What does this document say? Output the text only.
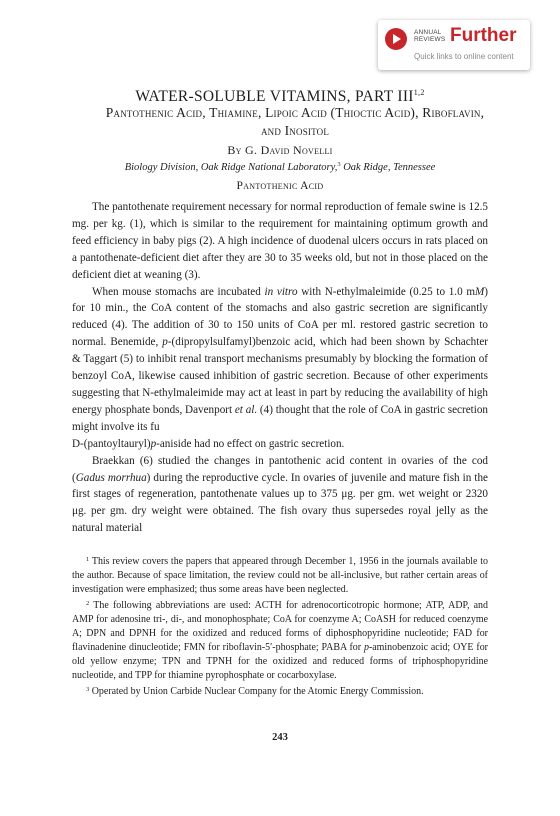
ANNUAL
REVIEWS Further
Quick links to online content
WATER-SOLUBLE VITAMINS, PART III$^{1,2}$
Pantothenic Acid, Thiamine, Lipoic Acid (Thioctic Acid), Riboflavin, and Inositol
By G. David Novelli
Biology Division, Oak Ridge National Laboratory,$^3$ Oak Ridge, Tennessee
Pantothenic Acid

The pantothenate requirement necessary for normal reproduction of female swine is 12.5 mg. per kg. (1), which is similar to the requirement for maintaining optimum growth and feed efficiency in baby pigs (2). A high incidence of duodenal ulcers occurs in rats placed on a pantothenate-deficient diet after they are 30 to 35 weeks old, but not in those placed on the deficient diet at weaning (3).

When mouse stomachs are incubated in vitro with N-ethylmaleimide (0.25 to 1.0 mM) for 10 min., the CoA content of the stomachs and also gastric secretion are significantly reduced (4). The addition of 30 to 150 units of CoA per ml. restored gastric secretion to normal. Benemide, p-(dipropylsulfamyl)benzoic acid, which had been shown by Schachter & Taggart (5) to inhibit renal transport mechanisms presumably by blocking the formation of benzoyl CoA, likewise caused inhibition of gastric secretion. Because of other experiments suggesting that N-ethylmaleimide may act at least in part by reducing the availability of high energy phosphate bonds, Davenport et al. (4) thought that the role of CoA in gastric secretion might involve its fu

D-(pantoyltauryl)p-aniside had no effect on gastric secretion.

Braekkan (6) studied the changes in pantothenic acid content in ovaries of the cod (Gadus morrhua) during the reproductive cycle. In ovaries of juvenile and mature fish in the first stages of regeneration, pantothenate values up to 375 μg. per gm. wet weight or 2320 μg. per gm. dry weight were obtained. The fish ovary thus supersedes royal jelly as the natural material

$^1$ This review covers the papers that appeared through December 1, 1956 in the journals available to the author. Because of space limitation, the review could not be all-inclusive, but rather certain areas of investigation were emphasized; thus some areas have been neglected.

$^2$ The following abbreviations are used: ACTH for adrenocorticotropic hormone; ATP, ADP, and AMP for adenosine tri-, di-, and monophosphate; CoA for coenzyme A; CoASH for reduced coenzyme A; DPN and DPNH for the oxidized and reduced forms of diphosphopyridine nucleotide; FAD for flavinadenine dinucleotide; FMN for riboflavin-5′-phosphate; PABA for p-aminobenzoic acid; OYE for old yellow enzyme; TPN and TPNH for the oxidized and reduced forms of triphosphopyridine nucleotide, and TPP for thiamine pyrophosphate or cocarboxylase.

$^3$ Operated by Union Carbide Nuclear Company for the Atomic Energy Commission.

243
